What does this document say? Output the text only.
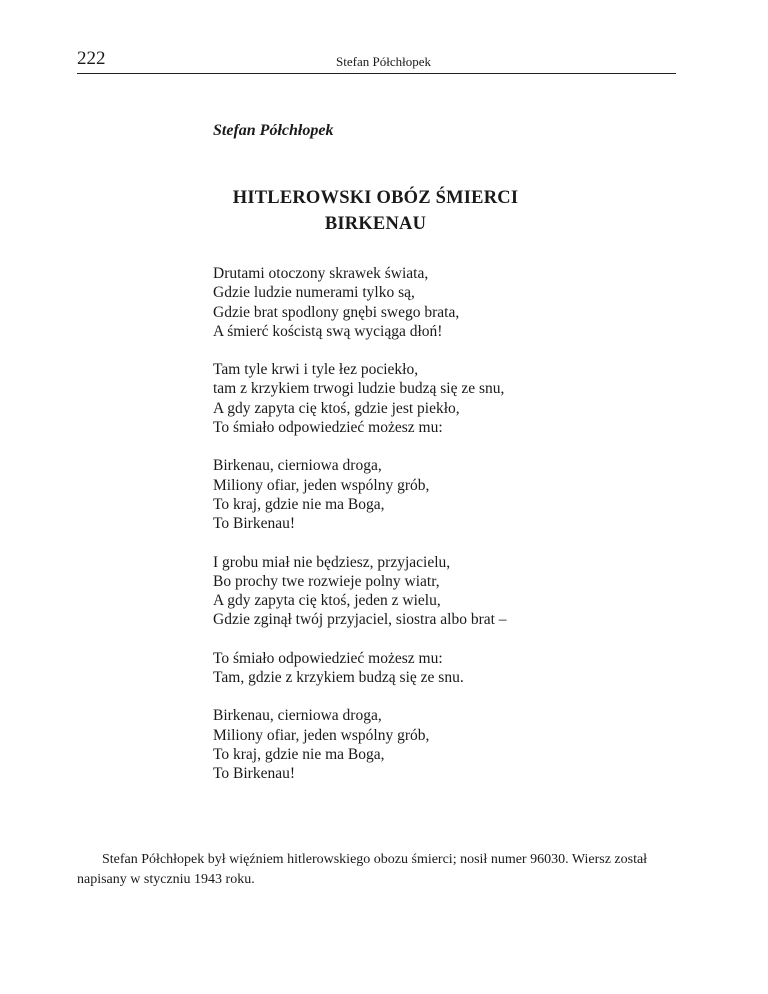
222	Stefan Półchłopek
Stefan Półchłopek
HITLEROWSKI OBÓZ ŚMIERCI
BIRKENAU
Drutami otoczony skrawek świata,
Gdzie ludzie numerami tylko są,
Gdzie brat spodlony gnębi swego brata,
A śmierć kościstą swą wyciąga dłoń!
Tam tyle krwi i tyle łez pociekło,
tam z krzykiem trwogi ludzie budzą się ze snu,
A gdy zapyta cię ktoś, gdzie jest piekło,
To śmiało odpowiedzieć możesz mu:
Birkenau, cierniowa droga,
Miliony ofiar, jeden wspólny grób,
To kraj, gdzie nie ma Boga,
To Birkenau!
I grobu miał nie będziesz, przyjacielu,
Bo prochy twe rozwieje polny wiatr,
A gdy zapyta cię ktoś, jeden z wielu,
Gdzie zginął twój przyjaciel, siostra albo brat –
To śmiało odpowiedzieć możesz mu:
Tam, gdzie z krzykiem budzą się ze snu.
Birkenau, cierniowa droga,
Miliony ofiar, jeden wspólny grób,
To kraj, gdzie nie ma Boga,
To Birkenau!
Stefan Półchłopek był więźniem hitlerowskiego obozu śmierci; nosił numer 96030. Wiersz został napisany w styczniu 1943 roku.
